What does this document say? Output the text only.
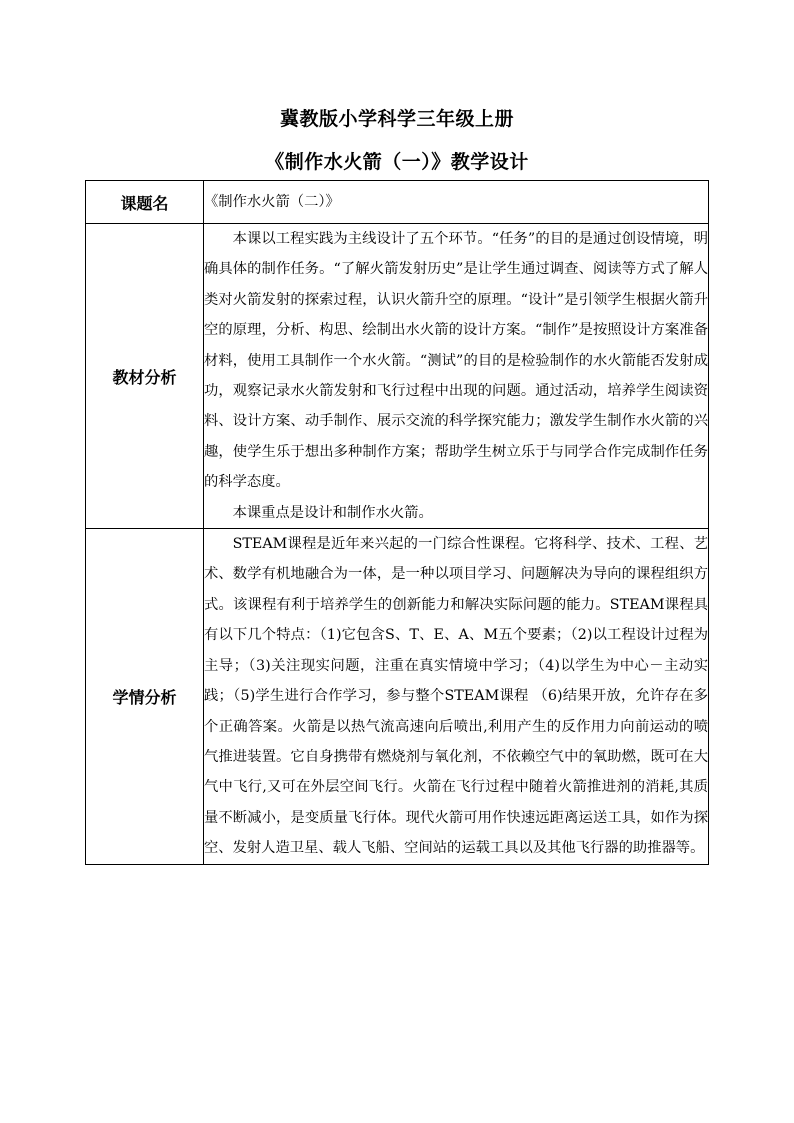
冀教版小学科学三年级上册
《制作水火箭（一）》教学设计
课题名	《制作水火箭（二）》

教材分析	本课以工程实践为主线设计了五个环节。“任务”的目的是通过创设情境，明确具体的制作任务。“了解火箭发射历史”是让学生通过调查、阅读等方式了解人类对火箭发射的探索过程，认识火箭升空的原理。“设计”是引领学生根据火箭升空的原理，分析、构思、绘制出水火箭的设计方案。“制作”是按照设计方案准备材料，使用工具制作一个水火箭。“测试”的目的是检验制作的水火箭能否发射成功，观察记录水火箭发射和飞行过程中出现的问题。通过活动，培养学生阅读资料、设计方案、动手制作、展示交流的科学探究能力；激发学生制作水火箭的兴趣，使学生乐于想出多种制作方案；帮助学生树立乐于与同学合作完成制作任务的科学态度。

本课重点是设计和制作水火箭。

学情分析	STEAM课程是近年来兴起的一门综合性课程。它将科学、技术、工程、艺术、数学有机地融合为一体，是一种以项目学习、问题解决为导向的课程组织方式。该课程有利于培养学生的创新能力和解决实际问题的能力。STEAM课程具有以下几个特点：（1)它包含S、T、E、A、M五个要素；（2)以工程设计过程为主导；（3)关注现实问题，注重在真实情境中学习；（4)以学生为中心－主动实践；（5)学生进行合作学习，参与整个STEAM课程 （6)结果开放，允许存在多个正确答案。火箭是以热气流高速向后喷出,利用产生的反作用力向前运动的喷气推进装置。它自身携带有燃烧剂与氧化剂，不依赖空气中的氧助燃，既可在大气中飞行,又可在外层空间飞行。火箭在飞行过程中随着火箭推进剂的消耗,其质量不断减小，是变质量飞行体。现代火箭可用作快速远距离运送工具，如作为探空、发射人造卫星、载人飞船、空间站的运载工具以及其他飞行器的助推器等。
